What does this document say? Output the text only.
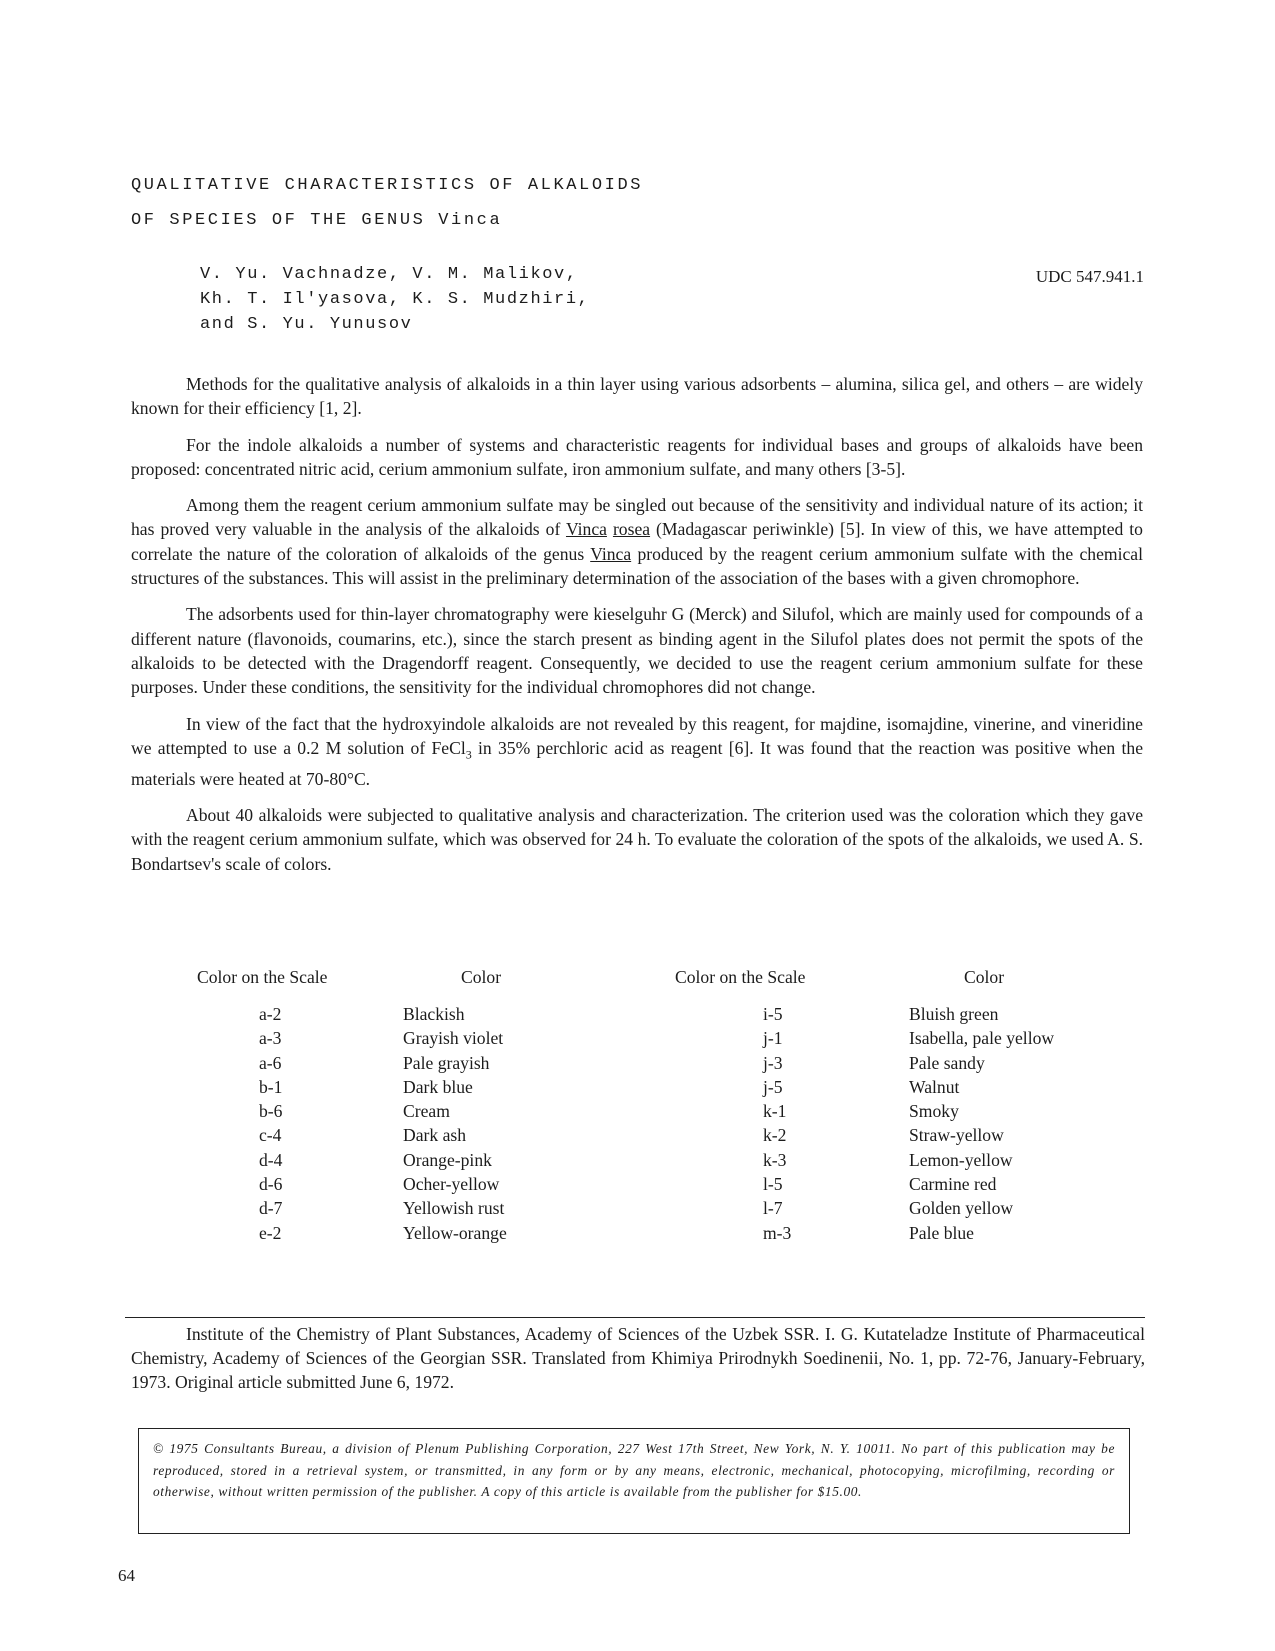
QUALITATIVE CHARACTERISTICS OF ALKALOIDS
OF SPECIES OF THE GENUS Vinca
V. Yu. Vachnadze, V. M. Malikov,
Kh. T. Il'yasova, K. S. Mudzhiri,
and S. Yu. Yunusov
UDC 547.941.1

Methods for the qualitative analysis of alkaloids in a thin layer using various adsorbents – alumina, silica gel, and others – are widely known for their efficiency [1, 2].

For the indole alkaloids a number of systems and characteristic reagents for individual bases and groups of alkaloids have been proposed: concentrated nitric acid, cerium ammonium sulfate, iron ammonium sulfate, and many others [3-5].

Among them the reagent cerium ammonium sulfate may be singled out because of the sensitivity and individual nature of its action; it has proved very valuable in the analysis of the alkaloids of Vinca rosea (Madagascar periwinkle) [5]. In view of this, we have attempted to correlate the nature of the coloration of alkaloids of the genus Vinca produced by the reagent cerium ammonium sulfate with the chemical structures of the substances. This will assist in the preliminary determination of the association of the bases with a given chromophore.

The adsorbents used for thin-layer chromatography were kieselguhr G (Merck) and Silufol, which are mainly used for compounds of a different nature (flavonoids, coumarins, etc.), since the starch present as binding agent in the Silufol plates does not permit the spots of the alkaloids to be detected with the Dragendorff reagent. Consequently, we decided to use the reagent cerium ammonium sulfate for these purposes. Under these conditions, the sensitivity for the individual chromophores did not change.

In view of the fact that the hydroxyindole alkaloids are not revealed by this reagent, for majdine, isomajdine, vinerine, and vineridine we attempted to use a 0.2 M solution of FeCl$_3$ in 35% perchloric acid as reagent [6]. It was found that the reaction was positive when the materials were heated at 70-80°C.

About 40 alkaloids were subjected to qualitative analysis and characterization. The criterion used was the coloration which they gave with the reagent cerium ammonium sulfate, which was observed for 24 h. To evaluate the coloration of the spots of the alkaloids, we used A. S. Bondartsev's scale of colors.

Color on the Scale	Color	Color on the Scale	Color
a-2	Blackish	i-5	Bluish green
a-3	Grayish violet	j-1	Isabella, pale yellow
a-6	Pale grayish	j-3	Pale sandy
b-1	Dark blue	j-5	Walnut
b-6	Cream	k-1	Smoky
c-4	Dark ash	k-2	Straw-yellow
d-4	Orange-pink	k-3	Lemon-yellow
d-6	Ocher-yellow	l-5	Carmine red
d-7	Yellowish rust	l-7	Golden yellow
e-2	Yellow-orange	m-3	Pale blue
Institute of the Chemistry of Plant Substances, Academy of Sciences of the Uzbek SSR. I. G. Kutateladze Institute of Pharmaceutical Chemistry, Academy of Sciences of the Georgian SSR. Translated from Khimiya Prirodnykh Soedinenii, No. 1, pp. 72-76, January-February, 1973. Original article submitted June 6, 1972.
© 1975 Consultants Bureau, a division of Plenum Publishing Corporation, 227 West 17th Street, New York, N. Y. 10011. No part of this publication may be reproduced, stored in a retrieval system, or transmitted, in any form or by any means, electronic, mechanical, photocopying, microfilming, recording or otherwise, without written permission of the publisher. A copy of this article is available from the publisher for $15.00.
64
